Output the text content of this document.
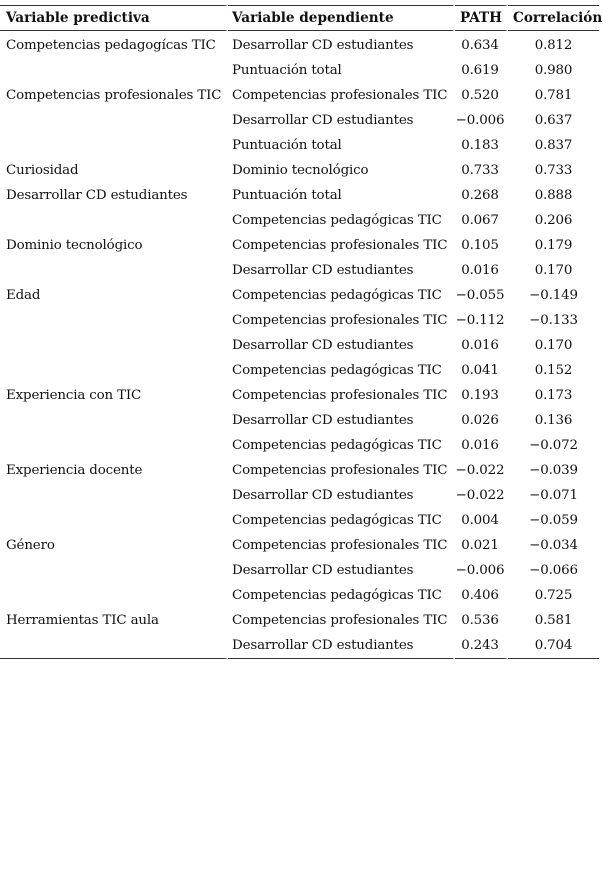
Variable predictiva	Variable dependiente	PATH	Correlación
Competencias pedagogícas TIC	Desarrollar CD estudiantes	0.634	0.812
	Puntuación total	0.619	0.980
Competencias profesionales TIC	Competencias profesionales TIC	0.520	0.781
	Desarrollar CD estudiantes	−0.006	0.637
	Puntuación total	0.183	0.837
Curiosidad	Dominio tecnológico	0.733	0.733
Desarrollar CD estudiantes	Puntuación total	0.268	0.888
	Competencias pedagógicas TIC	0.067	0.206
Dominio tecnológico	Competencias profesionales TIC	0.105	0.179
	Desarrollar CD estudiantes	0.016	0.170
Edad	Competencias pedagógicas TIC	−0.055	−0.149
	Competencias profesionales TIC	−0.112	−0.133
	Desarrollar CD estudiantes	0.016	0.170
	Competencias pedagógicas TIC	0.041	0.152
Experiencia con TIC	Competencias profesionales TIC	0.193	0.173
	Desarrollar CD estudiantes	0.026	0.136
	Competencias pedagógicas TIC	0.016	−0.072
Experiencia docente	Competencias profesionales TIC	−0.022	−0.039
	Desarrollar CD estudiantes	−0.022	−0.071
	Competencias pedagógicas TIC	0.004	−0.059
Género	Competencias profesionales TIC	0.021	−0.034
	Desarrollar CD estudiantes	−0.006	−0.066
	Competencias pedagógicas TIC	0.406	0.725
Herramientas TIC aula	Competencias profesionales TIC	0.536	0.581
	Desarrollar CD estudiantes	0.243	0.704
